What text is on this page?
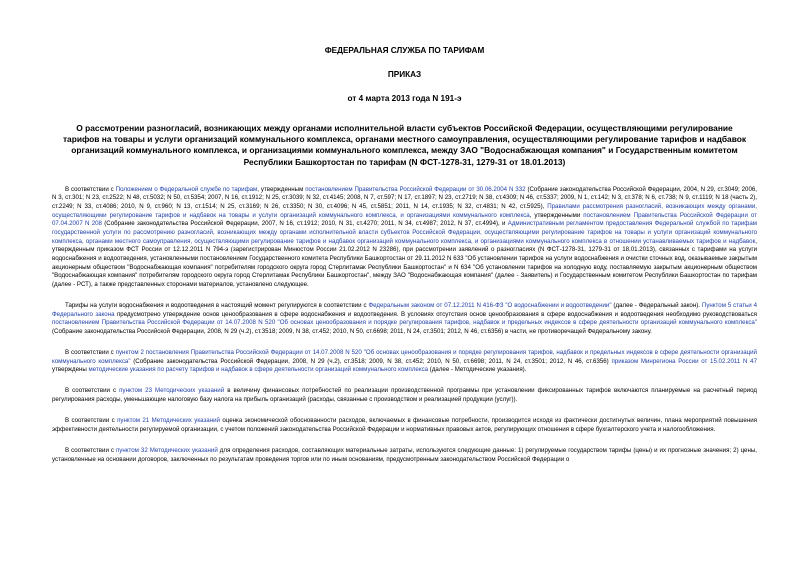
ФЕДЕРАЛЬНАЯ СЛУЖБА ПО ТАРИФАМ
ПРИКАЗ
от 4 марта 2013 года N 191-э
О рассмотрении разногласий, возникающих между органами исполнительной власти субъектов Российской Федерации, осуществляющими регулирование тарифов на товары и услуги организаций коммунального комплекса, органами местного самоуправления, осуществляющими регулирование тарифов и надбавок организаций коммунального комплекса, и организациями коммунального комплекса, между ЗАО "Водоснабжающая компания" и Государственным комитетом Республики Башкортостан по тарифам (N ФСТ-1278-31, 1279-31 от 18.01.2013)
В соответствии с Положением о Федеральной службе по тарифам, утвержденным постановлением Правительства Российской Федерации от 30.06.2004 N 332 (Собрание законодательства Российской Федерации, 2004, N 29, ст.3049; 2006, N 3, ст.301; N 23, ст.2522; N 48, ст.5032; N 50, ст.5354; 2007, N 16, ст.1912; N 25, ст.3039; N 32, ст.4145; 2008, N 7, ст.597; N 17, ст.1897; N 23, ст.2719; N 38, ст.4309; N 46, ст.5337; 2009, N 1, ст.142; N 3, ст.378; N 6, ст.738; N 9, ст.1119; N 18 (часть 2), ст.2249; N 33, ст.4086; 2010, N 9, ст.960; N 13, ст.1514; N 25, ст.3169; N 26, ст.3350; N 30, ст.4096; N 45, ст.5851; 2011, N 14, ст.1935; N 32, ст.4831; N 42, ст.5925), Правилами рассмотрения разногласий, возникающих между органами, осуществляющими регулирование тарифов и надбавок на товары и услуги организаций коммунального комплекса, и организациями коммунального комплекса, утвержденными постановлением Правительства Российской Федерации от 07.04.2007 N 208 (Собрание законодательства Российской Федерации, 2007, N 16, ст.1912; 2010, N 31, ст.4270; 2011, N 34, ст.4987; 2012, N 37, ст.4994), и Административным регламентом предоставления Федеральной службой по тарифам государственной услуги по рассмотрению разногласий, возникающих между органами исполнительной власти субъектов Российской Федерации, осуществляющими регулирование тарифов на товары и услуги организаций коммунального комплекса, органами местного самоуправления, осуществляющими регулирование тарифов и надбавок организаций коммунального комплекса, и организациями коммунального комплекса в отношении устанавливаемых тарифов и надбавок, утвержденным приказом ФСТ России от 12.12.2011 N 794-э (зарегистрирован Минюстом России 21.02.2012 N 23286), при рассмотрении заявлений о разногласиях (N ФСТ-1278-31, 1279-31 от 18.01.2013), связанных с тарифами на услуги водоснабжения и водоотведения, установленными постановлением Государственного комитета Республики Башкортостан от 29.11.2012 N 633 "Об установлении тарифов на услуги водоснабжения и очистки сточных вод, оказываемые закрытым акционерным обществом "Водоснабжающая компания" потребителям городского округа город Стерлитамак Республики Башкортостан" и N 634 "Об установлении тарифов на холодную воду, поставляемую закрытым акционерным обществом "Водоснабжающая компания" потребителям городского округа город Стерлитамак Республики Башкортостан", между ЗАО "Водоснабжающая компания" (далее - Заявитель) и Государственным комитетом Республики Башкортостан по тарифам (далее - РСТ), а также представленных сторонами материалов, установлено следующее.
Тарифы на услуги водоснабжения и водоотведения в настоящий момент регулируются в соответствии с Федеральным законом от 07.12.2011 N 416-ФЗ "О водоснабжении и водоотведении" (далее - Федеральный закон). Пунктом 5 статьи 4 Федерального закона предусмотрено утверждение основ ценообразования в сфере водоснабжения и водоотведения. В условиях отсутствия основ ценообразования в сфере водоснабжения и водоотведения необходимо руководствоваться постановлением Правительства Российской Федерации от 14.07.2008 N 520 "Об основах ценообразования и порядке регулирования тарифов, надбавок и предельных индексов в сфере деятельности организаций коммунального комплекса" (Собрание законодательства Российской Федерации, 2008, N 29 (ч.2), ст.3518; 2009, N 38, ст.452; 2010, N 50, ст.6698; 2011, N 24, ст.3501; 2012, N 46, ст.6356) в части, не противоречащей Федеральному закону.
В соответствии с пунктом 2 постановления Правительства Российской Федерации от 14.07.2008 N 520 "Об основах ценообразования и порядке регулирования тарифов, надбавок и предельных индексов в сфере деятельности организаций коммунального комплекса" (Собрание законодательства Российской Федерации, 2008, N 29 (ч.2), ст.3518; 2009, N 38, ст.452; 2010, N 50, ст.6698; 2011, N 24, ст.3501; 2012, N 46, ст.6356) приказом Минрегиона России от 15.02.2011 N 47 утверждены методические указания по расчету тарифов и надбавок в сфере деятельности организаций коммунального комплекса (далее - Методические указания).
В соответствии с пунктом 23 Методических указаний в величину финансовых потребностей по реализации производственной программы при установлении фиксированных тарифов включаются планируемые на расчетный период регулирования расходы, уменьшающие налоговую базу налога на прибыль организаций (расходы, связанные с производством и реализацией продукции (услуг)).
В соответствии с пунктом 21 Методических указаний оценка экономической обоснованности расходов, включаемых в финансовые потребности, производится исходя из фактически достигнутых величин, плана мероприятий повышения эффективности деятельности регулируемой организации, с учетом положений законодательства Российской Федерации и нормативных правовых актов, регулирующих отношения в сфере бухгалтерского учета и налогообложения.
В соответствии с пунктом 32 Методических указаний для определения расходов, составляющих материальные затраты, используются следующие данные: 1) регулируемые государством тарифы (цены) и их прогнозные значения; 2) цены, установленные на основании договоров, заключенных по результатам проведения торгов или по иным основаниям, предусмотренным законодательством Российской Федерации о
